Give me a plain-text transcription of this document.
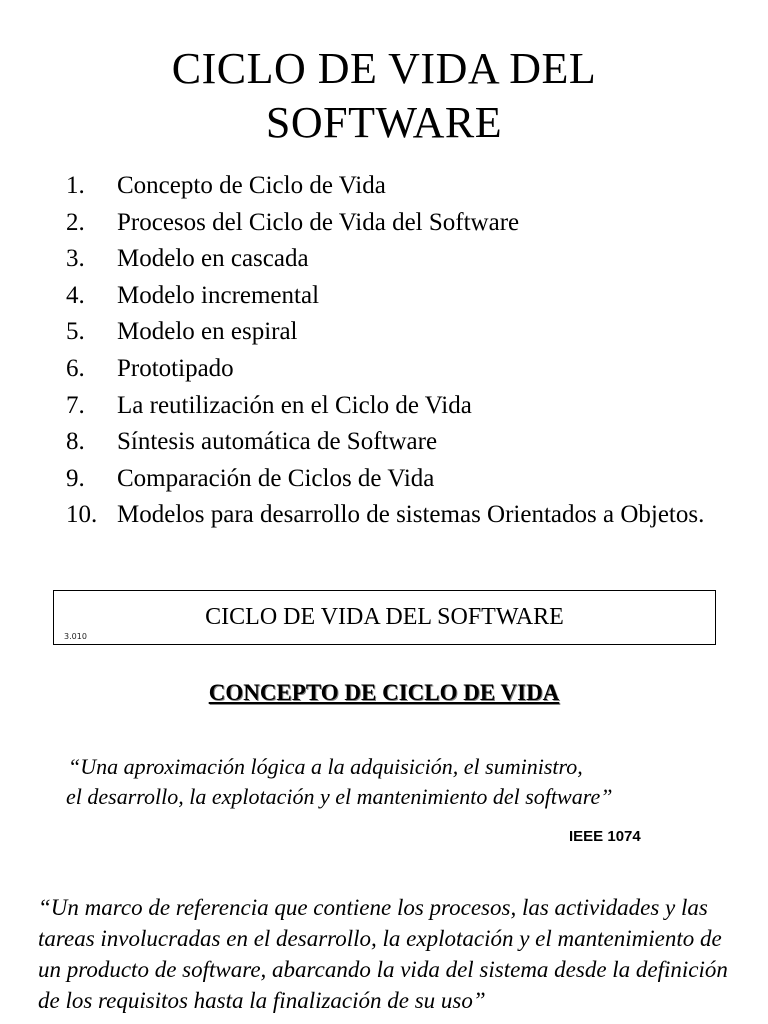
CICLO DE VIDA DEL
SOFTWARE
1.	Concepto de Ciclo de Vida
2.	Procesos del Ciclo de Vida del Software
3.	Modelo en cascada
4.	Modelo incremental
5.	Modelo en espiral
6.	Prototipado
7.	La reutilización en el Ciclo de Vida
8.	Síntesis automática de Software
9.	Comparación de Ciclos de Vida
10. Modelos para desarrollo de sistemas Orientados a Objetos.
CICLO DE VIDA DEL SOFTWARE
3.010
CONCEPTO DE CICLO DE VIDA
“Una aproximación lógica a la adquisición, el suministro,
el desarrollo, la explotación y el mantenimiento del software”
IEEE 1074
“Un marco de referencia que contiene los procesos, las actividades y las tareas involucradas en el desarrollo, la explotación y el mantenimiento de un producto de software, abarcando la vida del sistema desde la definición de los requisitos hasta la finalización de su uso”
